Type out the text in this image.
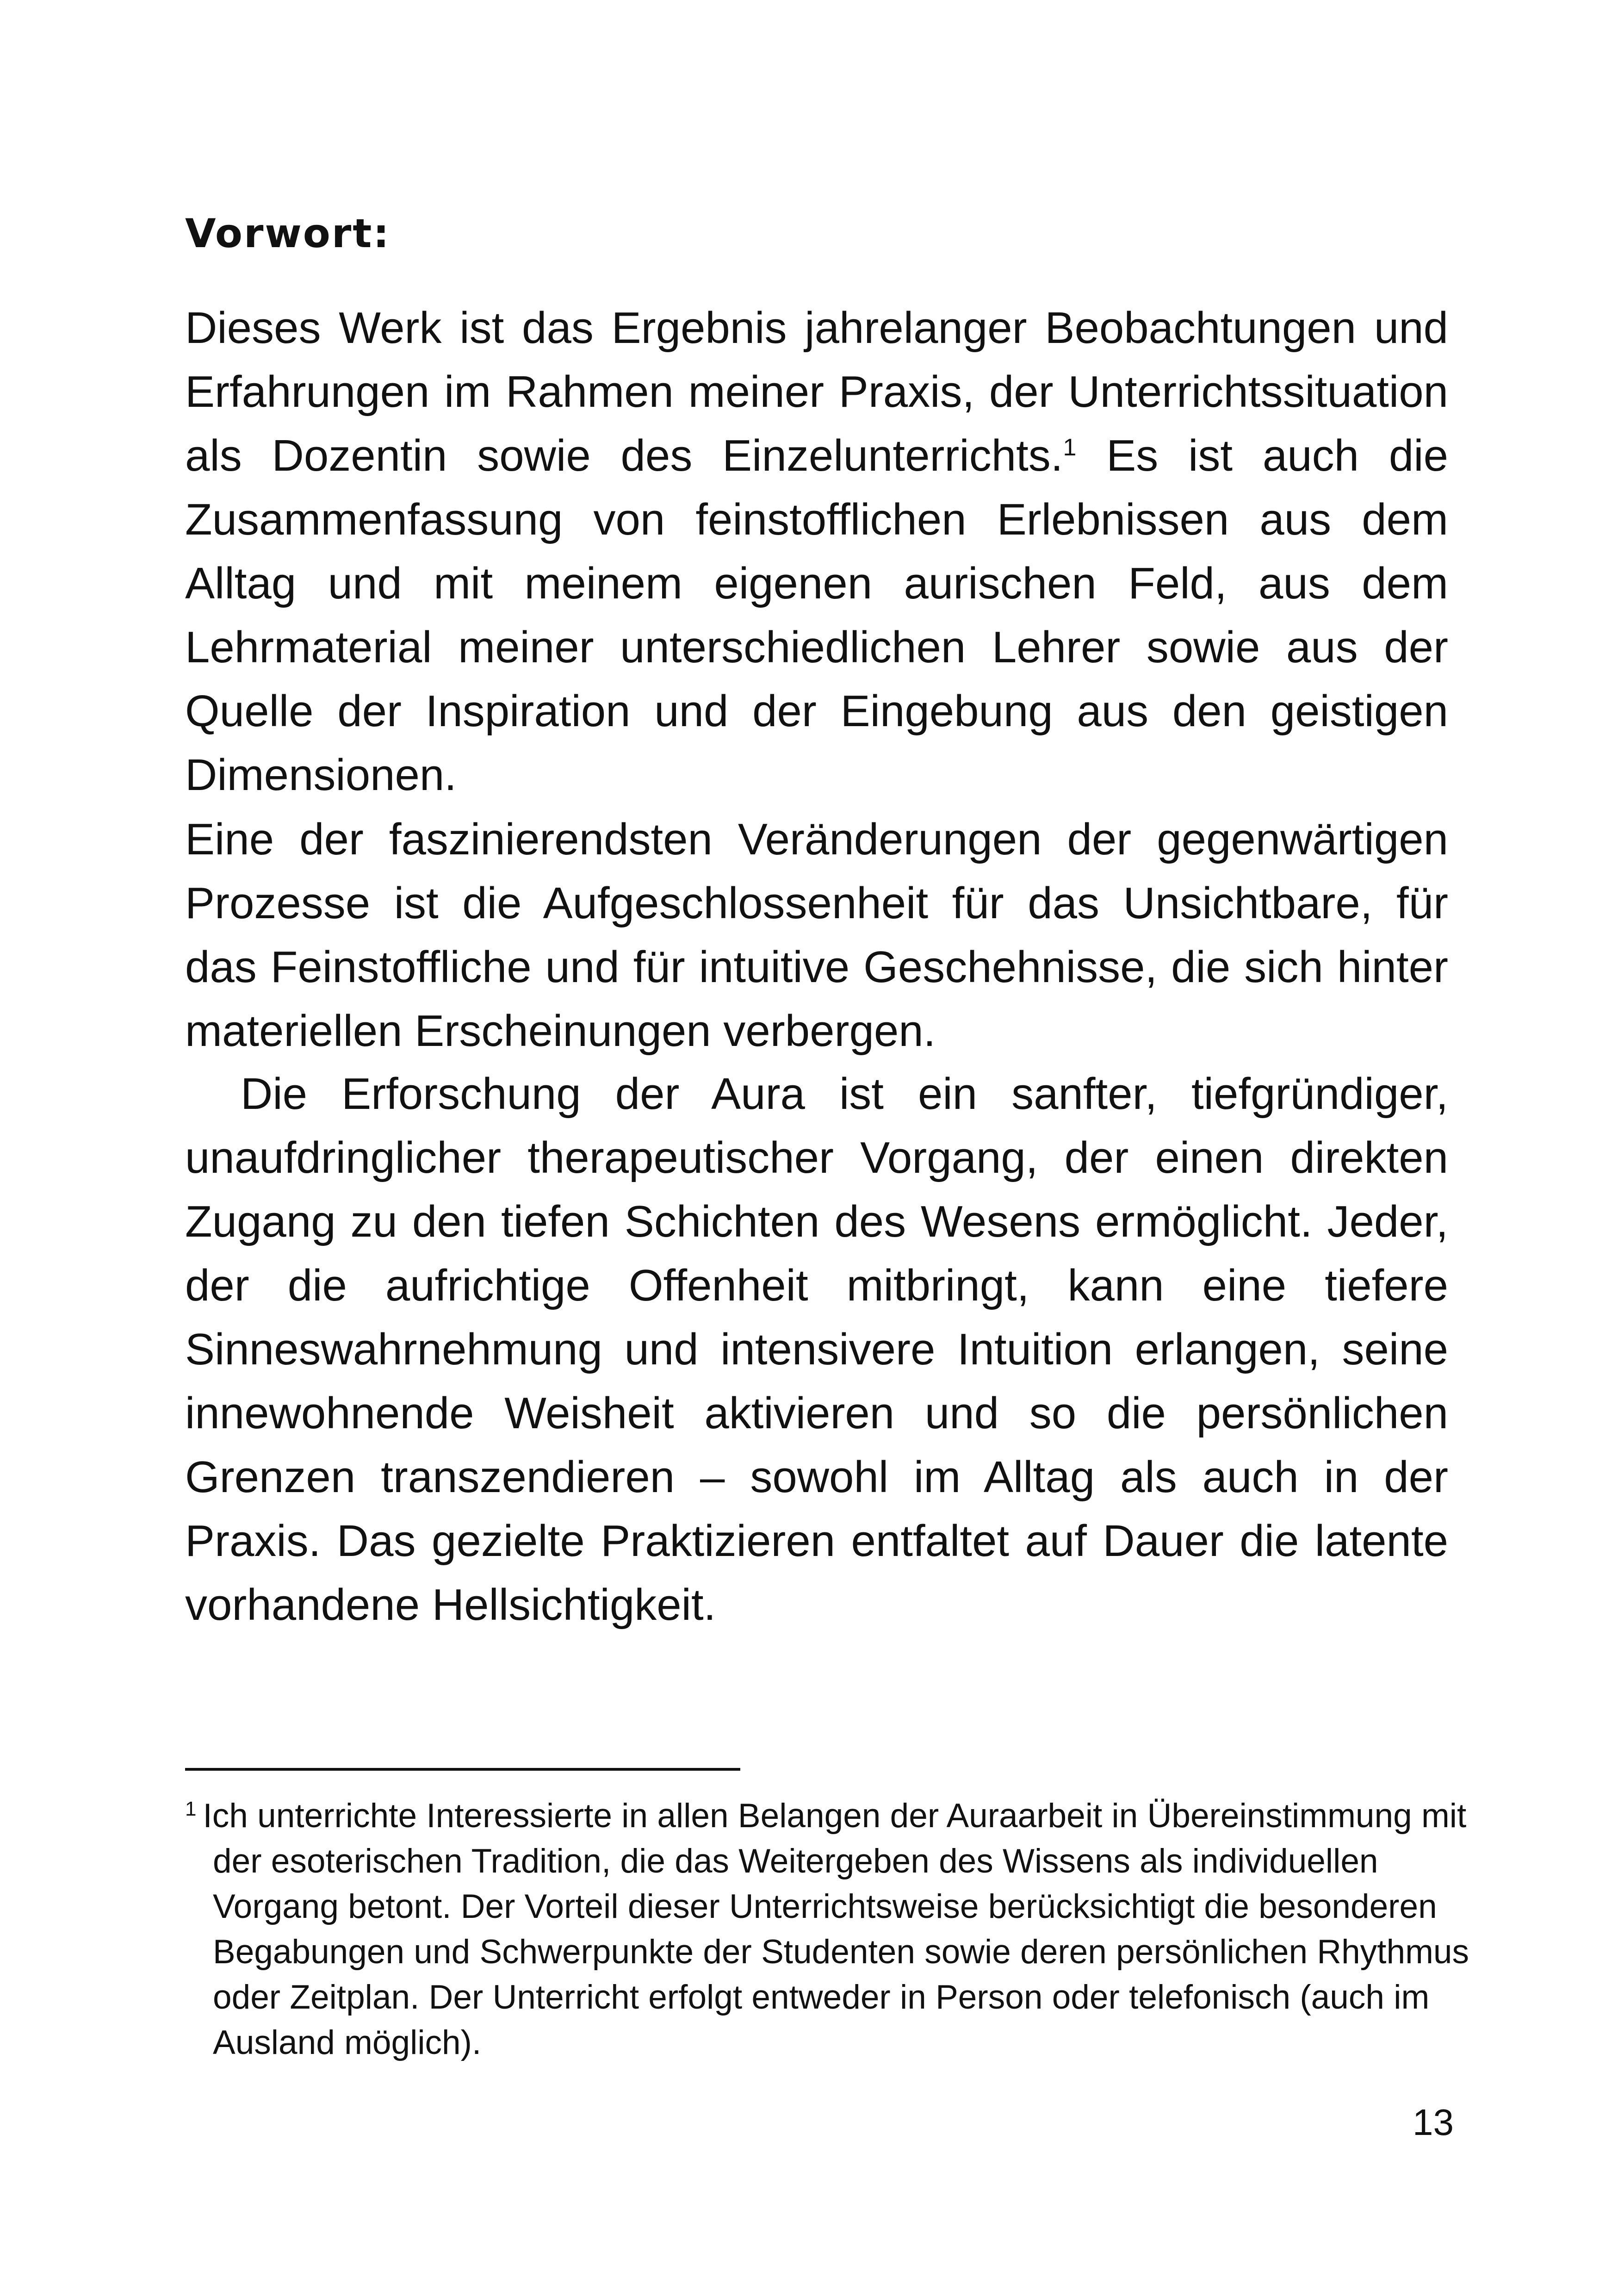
Vorwort:

Dieses Werk ist das Ergebnis jahrelanger Beobachtungen und Erfahrungen im Rahmen meiner Praxis, der Unterrichtssituation als Dozentin sowie des Einzelunterrichts.$^1$ Es ist auch die Zusammenfassung von feinstofflichen Erlebnissen aus dem Alltag und mit meinem eigenen aurischen Feld, aus dem Lehrmaterial meiner unterschiedlichen Lehrer sowie aus der Quelle der Inspiration und der Eingebung aus den geistigen Dimensionen.

Eine der faszinierendsten Veränderungen der gegenwärtigen Prozesse ist die Aufgeschlossenheit für das Unsichtbare, für das Feinstoffliche und für intuitive Geschehnisse, die sich hinter materiellen Erscheinungen verbergen.

Die Erforschung der Aura ist ein sanfter, tiefgründiger, unaufdringlicher therapeutischer Vorgang, der einen direkten Zugang zu den tiefen Schichten des Wesens ermöglicht. Jeder, der die aufrichtige Offenheit mitbringt, kann eine tiefere Sinneswahrnehmung und intensivere Intuition erlangen, seine innewohnende Weisheit aktivieren und so die persönlichen Grenzen transzendieren – sowohl im Alltag als auch in der Praxis. Das gezielte Praktizieren entfaltet auf Dauer die latente vorhandene Hellsichtigkeit.

$^1$ Ich unterrichte Interessierte in allen Belangen der Auraarbeit in Übereinstimmung mit der esoterischen Tradition, die das Weitergeben des Wissens als individuellen Vorgang betont. Der Vorteil dieser Unterrichtsweise berücksichtigt die besonderen Begabungen und Schwerpunkte der Studenten sowie deren persönlichen Rhythmus oder Zeitplan. Der Unterricht erfolgt entweder in Person oder telefonisch (auch im Ausland möglich).

13
